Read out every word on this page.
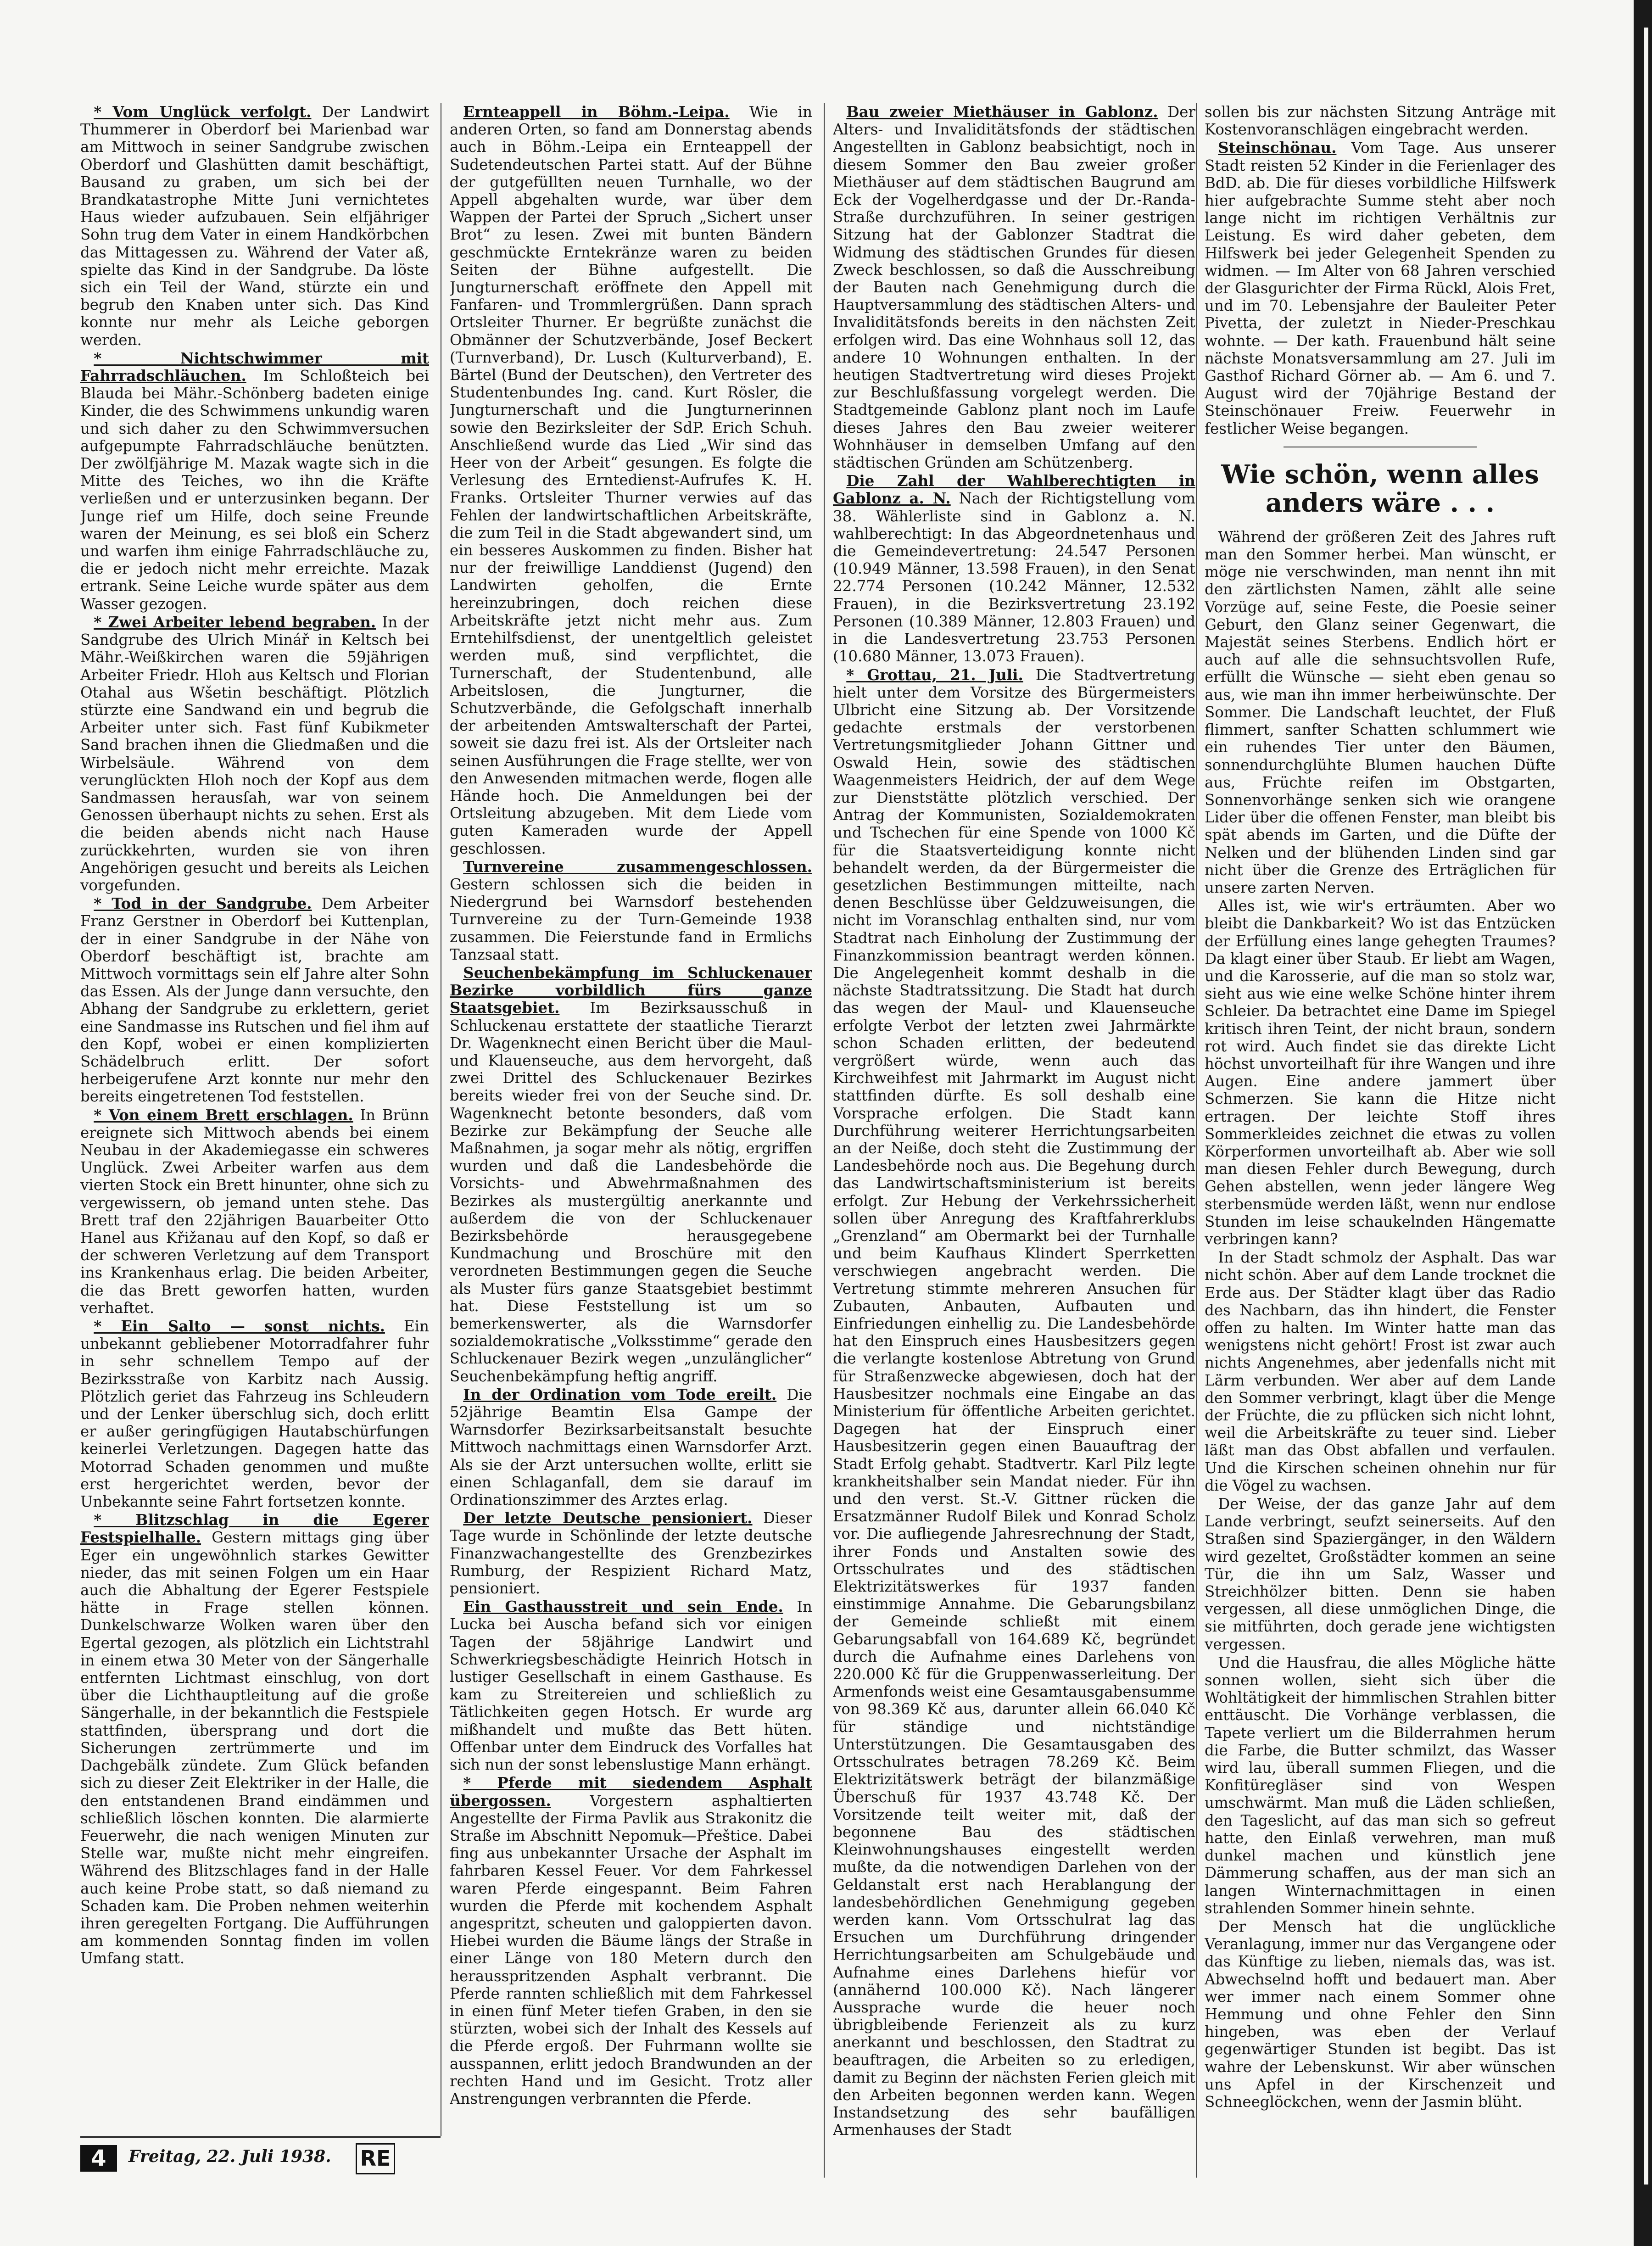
* Vom Unglück verfolgt. Der Landwirt Thummerer in Oberdorf bei Marienbad war am Mittwoch in seiner Sandgrube zwischen Oberdorf und Glashütten damit beschäftigt, Bausand zu graben, um sich bei der Brandkatastrophe Mitte Juni vernichtetes Haus wieder aufzubauen. Sein elfjähriger Sohn trug dem Vater in einem Handkörbchen das Mittagessen zu. Während der Vater aß, spielte das Kind in der Sandgrube. Da löste sich ein Teil der Wand, stürzte ein und begrub den Knaben unter sich. Das Kind konnte nur mehr als Leiche geborgen werden.

* Nichtschwimmer mit Fahrradschläuchen. Im Schloßteich bei Blauda bei Mähr.-Schönberg badeten einige Kinder, die des Schwimmens unkundig waren und sich daher zu den Schwimmversuchen aufgepumpte Fahrradschläuche benützten. Der zwölfjährige M. Mazak wagte sich in die Mitte des Teiches, wo ihn die Kräfte verließen und er unterzusinken begann. Der Junge rief um Hilfe, doch seine Freunde waren der Meinung, es sei bloß ein Scherz und warfen ihm einige Fahrradschläuche zu, die er jedoch nicht mehr erreichte. Mazak ertrank. Seine Leiche wurde später aus dem Wasser gezogen.

* Zwei Arbeiter lebend begraben. In der Sandgrube des Ulrich Minář in Keltsch bei Mähr.-Weißkirchen waren die 59jährigen Arbeiter Friedr. Hloh aus Keltsch und Florian Otahal aus Wšetin beschäftigt. Plötzlich stürzte eine Sandwand ein und begrub die Arbeiter unter sich. Fast fünf Kubikmeter Sand brachen ihnen die Gliedmaßen und die Wirbelsäule. Während von dem verunglückten Hloh noch der Kopf aus dem Sandmassen herausſah, war von seinem Genossen überhaupt nichts zu sehen. Erst als die beiden abends nicht nach Hause zurückkehrten, wurden sie von ihren Angehörigen gesucht und bereits als Leichen vorgefunden.

* Tod in der Sandgrube. Dem Arbeiter Franz Gerstner in Oberdorf bei Kuttenplan, der in einer Sandgrube in der Nähe von Oberdorf beschäftigt ist, brachte am Mittwoch vormittags sein elf Jahre alter Sohn das Essen. Als der Junge dann versuchte, den Abhang der Sandgrube zu erklettern, geriet eine Sandmasse ins Rutschen und fiel ihm auf den Kopf, wobei er einen komplizierten Schädelbruch erlitt. Der sofort herbeigerufene Arzt konnte nur mehr den bereits eingetretenen Tod feststellen.

* Von einem Brett erschlagen. In Brünn ereignete sich Mittwoch abends bei einem Neubau in der Akademiegasse ein schweres Unglück. Zwei Arbeiter warfen aus dem vierten Stock ein Brett hinunter, ohne sich zu vergewissern, ob jemand unten stehe. Das Brett traf den 22jährigen Bauarbeiter Otto Hanel aus Křižanau auf den Kopf, so daß er der schweren Verletzung auf dem Transport ins Krankenhaus erlag. Die beiden Arbeiter, die das Brett geworfen hatten, wurden verhaftet.

* Ein Salto — sonst nichts. Ein unbekannt gebliebener Motorradfahrer fuhr in sehr schnellem Tempo auf der Bezirksstraße von Karbitz nach Aussig. Plötzlich geriet das Fahrzeug ins Schleudern und der Lenker überschlug sich, doch erlitt er außer geringfügigen Hautabschürfungen keinerlei Verletzungen. Dagegen hatte das Motorrad Schaden genommen und mußte erst hergerichtet werden, bevor der Unbekannte seine Fahrt fortsetzen konnte.

* Blitzschlag in die Egerer Festspielhalle. Gestern mittags ging über Eger ein ungewöhnlich starkes Gewitter nieder, das mit seinen Folgen um ein Haar auch die Abhaltung der Egerer Festspiele hätte in Frage stellen können. Dunkelschwarze Wolken waren über den Egertal gezogen, als plötzlich ein Lichtstrahl in einem etwa 30 Meter von der Sängerhalle entfernten Lichtmast einschlug, von dort über die Lichthauptleitung auf die große Sängerhalle, in der bekanntlich die Festspiele stattfinden, übersprang und dort die Sicherungen zertrümmerte und im Dachgebälk zündete. Zum Glück befanden sich zu dieser Zeit Elektriker in der Halle, die den entstandenen Brand eindämmen und schließlich löschen konnten. Die alarmierte Feuerwehr, die nach wenigen Minuten zur Stelle war, mußte nicht mehr eingreifen. Während des Blitzschlages fand in der Halle auch keine Probe statt, so daß niemand zu Schaden kam. Die Proben nehmen weiterhin ihren geregelten Fortgang. Die Aufführungen am kommenden Sonntag finden im vollen Umfang statt.

Ernteappell in Böhm.-Leipa. Wie in anderen Orten, so fand am Donnerstag abends auch in Böhm.-Leipa ein Ernteappell der Sudetendeutschen Partei statt. Auf der Bühne der gutgefüllten neuen Turnhalle, wo der Appell abgehalten wurde, war über dem Wappen der Partei der Spruch „Sichert unser Brot“ zu lesen. Zwei mit bunten Bändern geschmückte Erntekränze waren zu beiden Seiten der Bühne aufgestellt. Die Jungturnerschaft eröffnete den Appell mit Fanfaren- und Trommlergrüßen. Dann sprach Ortsleiter Thurner. Er begrüßte zunächst die Obmänner der Schutzverbände, Josef Beckert (Turnverband), Dr. Lusch (Kulturverband), E. Bärtel (Bund der Deutschen), den Vertreter des Studentenbundes Ing. cand. Kurt Rösler, die Jungturnerschaft und die Jungturnerinnen sowie den Bezirksleiter der SdP. Erich Schuh. Anschließend wurde das Lied „Wir sind das Heer von der Arbeit“ gesungen. Es folgte die Verlesung des Erntedienst-Aufrufes K. H. Franks. Ortsleiter Thurner verwies auf das Fehlen der landwirtschaftlichen Arbeitskräfte, die zum Teil in die Stadt abgewandert sind, um ein besseres Auskommen zu finden. Bisher hat nur der freiwillige Landdienst (Jugend) den Landwirten geholfen, die Ernte hereinzubringen, doch reichen diese Arbeitskräfte jetzt nicht mehr aus. Zum Erntehilfsdienst, der unentgeltlich geleistet werden muß, sind verpflichtet, die Turnerschaft, der Studentenbund, alle Arbeitslosen, die Jungturner, die Schutzverbände, die Gefolgschaft innerhalb der arbeitenden Amtswalterschaft der Partei, soweit sie dazu frei ist. Als der Ortsleiter nach seinen Ausführungen die Frage stellte, wer von den Anwesenden mitmachen werde, flogen alle Hände hoch. Die Anmeldungen bei der Ortsleitung abzugeben. Mit dem Liede vom guten Kameraden wurde der Appell geschlossen.

Turnvereine zusammengeschlossen. Gestern schlossen sich die beiden in Niedergrund bei Warnsdorf bestehenden Turnvereine zu der Turn-Gemeinde 1938 zusammen. Die Feierstunde fand in Ermlichs Tanzsaal statt.

Seuchenbekämpfung im Schluckenauer Bezirke vorbildlich fürs ganze Staatsgebiet. Im Bezirksausschuß in Schluckenau erstattete der staatliche Tierarzt Dr. Wagenknecht einen Bericht über die Maul- und Klauenseuche, aus dem hervorgeht, daß zwei Drittel des Schluckenauer Bezirkes bereits wieder frei von der Seuche sind. Dr. Wagenknecht betonte besonders, daß vom Bezirke zur Bekämpfung der Seuche alle Maßnahmen, ja sogar mehr als nötig, ergriffen wurden und daß die Landesbehörde die Vorsichts- und Abwehrmaßnahmen des Bezirkes als mustergültig anerkannte und außerdem die von der Schluckenauer Bezirksbehörde herausgegebene Kundmachung und Broschüre mit den verordneten Bestimmungen gegen die Seuche als Muster fürs ganze Staatsgebiet bestimmt hat. Diese Feststellung ist um so bemerkenswerter, als die Warnsdorfer sozialdemokratische „Volksstimme“ gerade den Schluckenauer Bezirk wegen „unzulänglicher“ Seuchenbekämpfung heftig angriff.

In der Ordination vom Tode ereilt. Die 52jährige Beamtin Elsa Gampe der Warnsdorfer Bezirksarbeitsanstalt besuchte Mittwoch nachmittags einen Warnsdorfer Arzt. Als sie der Arzt untersuchen wollte, erlitt sie einen Schlaganfall, dem sie darauf im Ordinationszimmer des Arztes erlag.

Der letzte Deutsche pensioniert. Dieser Tage wurde in Schönlinde der letzte deutsche Finanzwachangestellte des Grenzbezirkes Rumburg, der Respizient Richard Matz, pensioniert.

Ein Gasthausstreit und sein Ende. In Lucka bei Auscha befand sich vor einigen Tagen der 58jährige Landwirt und Schwerkriegsbeschädigte Heinrich Hotsch in lustiger Gesellschaft in einem Gasthause. Es kam zu Streitereien und schließlich zu Tätlichkeiten gegen Hotsch. Er wurde arg mißhandelt und mußte das Bett hüten. Offenbar unter dem Eindruck des Vorfalles hat sich nun der sonst lebenslustige Mann erhängt.

* Pferde mit siedendem Asphalt übergossen.	Vorgestern asphaltierten Angestellte der Firma Pavlik aus Strakonitz die Straße im Abschnitt Nepomuk—Přeštice. Dabei fing aus unbekannter Ursache der Asphalt im fahrbaren Kessel Feuer. Vor dem Fahrkessel waren Pferde eingespannt. Beim Fahren wurden die Pferde mit kochendem Asphalt angespritzt, scheuten und galoppierten davon. Hiebei wurden die Bäume längs der Straße in einer Länge von 180 Metern durch den herausspritzenden Asphalt verbrannt. Die Pferde rannten schließlich mit dem Fahrkessel in einen fünf Meter tiefen Graben, in den sie stürzten, wobei sich der Inhalt des Kessels auf die Pferde ergoß. Der Fuhrmann wollte sie ausspannen, erlitt jedoch Brandwunden an der rechten Hand und im Gesicht. Trotz aller Anstrengungen verbrannten die Pferde.

Bau zweier Miethäuser in Gablonz. Der Alters- und Invaliditätsfonds der städtischen Angestellten in Gablonz beabsichtigt, noch in diesem Sommer den Bau zweier großer Miethäuser auf dem städtischen Baugrund am Eck der Vogelherdgasse und der Dr.-Randa-Straße durchzuführen. In seiner gestrigen Sitzung hat der Gablonzer Stadtrat die Widmung des städtischen Grundes für diesen Zweck beschlossen, so daß die Ausschreibung der Bauten nach Genehmigung durch die Hauptversammlung des städtischen Alters- und Invaliditätsfonds bereits in den nächsten Zeit erfolgen wird. Das eine Wohnhaus soll 12, das andere 10 Wohnungen enthalten. In der heutigen Stadtvertretung wird dieses Projekt zur Beschlußfassung vorgelegt werden. Die Stadtgemeinde Gablonz plant noch im Laufe dieses Jahres den Bau zweier weiterer Wohnhäuser in demselben Umfang auf den städtischen Gründen am Schützenberg.

Die Zahl der Wahlberechtigten in Gablonz a. N. Nach der Richtigstellung vom 38. Wählerliste sind in Gablonz a. N. wahlberechtigt: In das Abgeordnetenhaus und die Gemeindevertretung: 24.547 Personen (10.949 Männer, 13.598 Frauen), in den Senat 22.774 Personen (10.242 Männer, 12.532 Frauen), in die Bezirksvertretung 23.192 Personen (10.389 Männer, 12.803 Frauen) und in die Landesvertretung 23.753 Personen (10.680 Männer, 13.073 Frauen).

* Grottau, 21. Juli. Die Stadtvertretung hielt unter dem Vorsitze des Bürgermeisters Ulbricht eine Sitzung ab. Der Vorsitzende gedachte erstmals der verstorbenen Vertretungsmitglieder Johann Gittner und Oswald Hein, sowie des städtischen Waagenmeisters Heidrich, der auf dem Wege zur Dienststätte plötzlich verschied. Der Antrag der Kommunisten, Sozialdemokraten und Tschechen für eine Spende von 1000 Kč für die Staatsverteidigung konnte nicht behandelt werden, da der Bürgermeister die gesetzlichen Bestimmungen mitteilte, nach denen Beschlüsse über Geldzuweisungen, die nicht im Voranschlag enthalten sind, nur vom Stadtrat nach Einholung der Zustimmung der Finanzkommission beantragt werden können. Die Angelegenheit kommt deshalb in die nächste Stadtratssitzung. Die Stadt hat durch das wegen der Maul- und Klauenseuche erfolgte Verbot der letzten zwei Jahrmärkte schon Schaden erlitten, der bedeutend vergrößert würde, wenn auch das Kirchweihfest mit Jahrmarkt im August nicht stattfinden dürfte. Es soll deshalb eine Vorsprache erfolgen. Die Stadt kann Durchführung weiterer Herrichtungsarbeiten an der Neiße, doch steht die Zustimmung der Landesbehörde noch aus. Die Begehung durch das Landwirtschaftsministerium ist bereits erfolgt. Zur Hebung der Verkehrssicherheit sollen über Anregung des Kraftfahrerklubs „Grenzland“ am Obermarkt bei der Turnhalle und beim Kaufhaus Klindert Sperrketten verschwiegen angebracht werden. Die Vertretung stimmte mehreren Ansuchen für Zubauten, Anbauten, Aufbauten und Einfriedungen einhellig zu. Die Landesbehörde hat den Einspruch eines Hausbesitzers gegen die verlangte kostenlose Abtretung von Grund für Straßenzwecke abgewiesen, doch hat der Hausbesitzer nochmals eine Eingabe an das Ministerium für öffentliche Arbeiten gerichtet. Dagegen hat der Einspruch einer Hausbesitzerin gegen einen Bauauftrag der Stadt Erfolg gehabt. Stadtvertr. Karl Pilz legte krankheitshalber sein Mandat nieder. Für ihn und den verst. St.-V. Gittner rücken die Ersatzmänner Rudolf Bilek und Konrad Scholz vor. Die aufliegende Jahresrechnung der Stadt, ihrer Fonds und Anstalten sowie des Ortsschulrates und des städtischen Elektrizitätswerkes für 1937 fanden einstimmige Annahme. Die Gebarungsbilanz der Gemeinde schließt mit einem Gebarungsabfall von 164.689 Kč, begründet durch die Aufnahme eines Darlehens von 220.000 Kč für die Gruppenwasserleitung. Der Armenfonds weist eine Gesamtausgabensumme von 98.369 Kč aus, darunter allein 66.040 Kč für ständige und nichtständige Unterstützungen. Die Gesamtausgaben des Ortsschulrates betragen 78.269 Kč. Beim Elektrizitätswerk beträgt der bilanzmäßige Überschuß für 1937 43.748 Kč. Der Vorsitzende teilt weiter mit, daß der begonnene Bau des städtischen Kleinwohnungshauses eingestellt werden mußte, da die notwendigen Darlehen von der Geldanstalt erst nach Herablangung der landesbehördlichen Genehmigung gegeben werden kann. Vom Ortsschulrat lag das Ersuchen um Durchführung dringender Herrichtungsarbeiten am Schulgebäude und Aufnahme eines Darlehens hiefür vor (annähernd 100.000 Kč). Nach längerer Aussprache wurde die heuer noch übrigbleibende Ferienzeit als zu kurz anerkannt und beschlossen, den Stadtrat zu beauftragen, die Arbeiten so zu erledigen, damit zu Beginn der nächsten Ferien gleich mit den Arbeiten begonnen werden kann. Wegen Instandsetzung des sehr baufälligen Armenhauses der Stadt

sollen bis zur nächsten Sitzung Anträge mit Kostenvoranschlägen eingebracht werden.

Steinschönau. Vom Tage. Aus unserer Stadt reisten 52 Kinder in die Ferienlager des BdD. ab. Die für dieses vorbildliche Hilfswerk hier aufgebrachte Summe steht aber noch lange nicht im richtigen Verhältnis zur Leistung. Es wird daher gebeten, dem Hilfswerk bei jeder Gelegenheit Spenden zu widmen. — Im Alter von 68 Jahren verschied der Glasgurichter der Firma Rückl, Alois Fret, und im 70. Lebensjahre der Bauleiter Peter Pivetta, der zuletzt in Nieder-Preschkau wohnte. — Der kath. Frauenbund hält seine nächste Monatsversammlung am 27. Juli im Gasthof Richard Görner ab. — Am 6. und 7. August wird der 70jährige Bestand der Steinschönauer Freiw. Feuerwehr in festlicher Weise begangen.

Wie schön, wenn alles anders wäre . . .

Während der größeren Zeit des Jahres ruft man den Sommer herbei. Man wünscht, er möge nie verschwinden, man nennt ihn mit den zärtlichsten Namen, zählt alle seine Vorzüge auf, seine Feste, die Poesie seiner Geburt, den Glanz seiner Gegenwart, die Majestät seines Sterbens. Endlich hört er auch auf alle die sehnsuchtsvollen Rufe, erfüllt die Wünsche — sieht eben genau so aus, wie man ihn immer herbeiwünschte. Der Sommer. Die Landschaft leuchtet, der Fluß flimmert, sanfter Schatten schlummert wie ein ruhendes Tier unter den Bäumen, sonnendurchglühte Blumen hauchen Düfte aus, Früchte reifen im Obstgarten, Sonnenvorhänge senken sich wie orangene Lider über die offenen Fenster, man bleibt bis spät abends im Garten, und die Düfte der Nelken und der blühenden Linden sind gar nicht über die Grenze des Erträglichen für unsere zarten Nerven.

Alles ist, wie wir's erträumten. Aber wo bleibt die Dankbarkeit? Wo ist das Entzücken der Erfüllung eines lange gehegten Traumes? Da klagt einer über Staub. Er liebt am Wagen, und die Karosserie, auf die man so stolz war, sieht aus wie eine welke Schöne hinter ihrem Schleier. Da betrachtet eine Dame im Spiegel kritisch ihren Teint, der nicht braun, sondern rot wird. Auch findet sie das direkte Licht höchst unvorteilhaft für ihre Wangen und ihre Augen. Eine andere jammert über Schmerzen. Sie kann die Hitze nicht ertragen. Der leichte Stoff ihres Sommerkleides zeichnet die etwas zu vollen Körperformen unvorteilhaft ab. Aber wie soll man diesen Fehler durch Bewegung, durch Gehen abstellen, wenn jeder längere Weg sterbensmüde werden läßt, wenn nur endlose Stunden im leise schaukelnden Hängematte verbringen kann?

In der Stadt schmolz der Asphalt. Das war nicht schön. Aber auf dem Lande trocknet die Erde aus. Der Städter klagt über das Radio des Nachbarn, das ihn hindert, die Fenster offen zu halten. Im Winter hatte man das wenigstens nicht gehört! Frost ist zwar auch nichts Angenehmes, aber jedenfalls nicht mit Lärm verbunden. Wer aber auf dem Lande den Sommer verbringt, klagt über die Menge der Früchte, die zu pflücken sich nicht lohnt, weil die Arbeitskräfte zu teuer sind. Lieber läßt man das Obst abfallen und verfaulen. Und die Kirschen scheinen ohnehin nur für die Vögel zu wachsen.

Der Weise, der das ganze Jahr auf dem Lande verbringt, seufzt seinerseits. Auf den Straßen sind Spaziergänger, in den Wäldern wird gezeltet, Großstädter kommen an seine Tür, die ihn um Salz, Wasser und Streichhölzer bitten. Denn sie haben vergessen, all diese unmöglichen Dinge, die sie mitführten, doch gerade jene wichtigsten vergessen.

Und die Hausfrau, die alles Mögliche hätte sonnen wollen, sieht sich über die Wohltätigkeit der himmlischen Strahlen bitter enttäuscht. Die Vorhänge verblassen, die Tapete verliert um die Bilderrahmen herum die Farbe, die Butter schmilzt, das Wasser wird lau, überall summen Fliegen, und die Konfitüregläser sind von Wespen umschwärmt. Man muß die Läden schließen, den Tageslicht, auf das man sich so gefreut hatte, den Einlaß verwehren, man muß dunkel machen und künstlich jene Dämmerung schaffen, aus der man sich an langen Winternachmittagen in einen strahlenden Sommer hinein sehnte.

Der Mensch hat die unglückliche Veranlagung, immer nur das Vergangene oder das Künftige zu lieben, niemals das, was ist. Abwechselnd hofft und bedauert man. Aber wer immer nach einem Sommer ohne Hemmung und ohne Fehler den Sinn hingeben, was eben der Verlauf gegenwärtiger Stunden ist begibt. Das ist wahre der Lebenskunst. Wir aber wünschen uns Apfel in der Kirschenzeit und Schneeglöckchen, wenn der Jasmin blüht.

4	Freitag, 22. Juli 1938. RE
